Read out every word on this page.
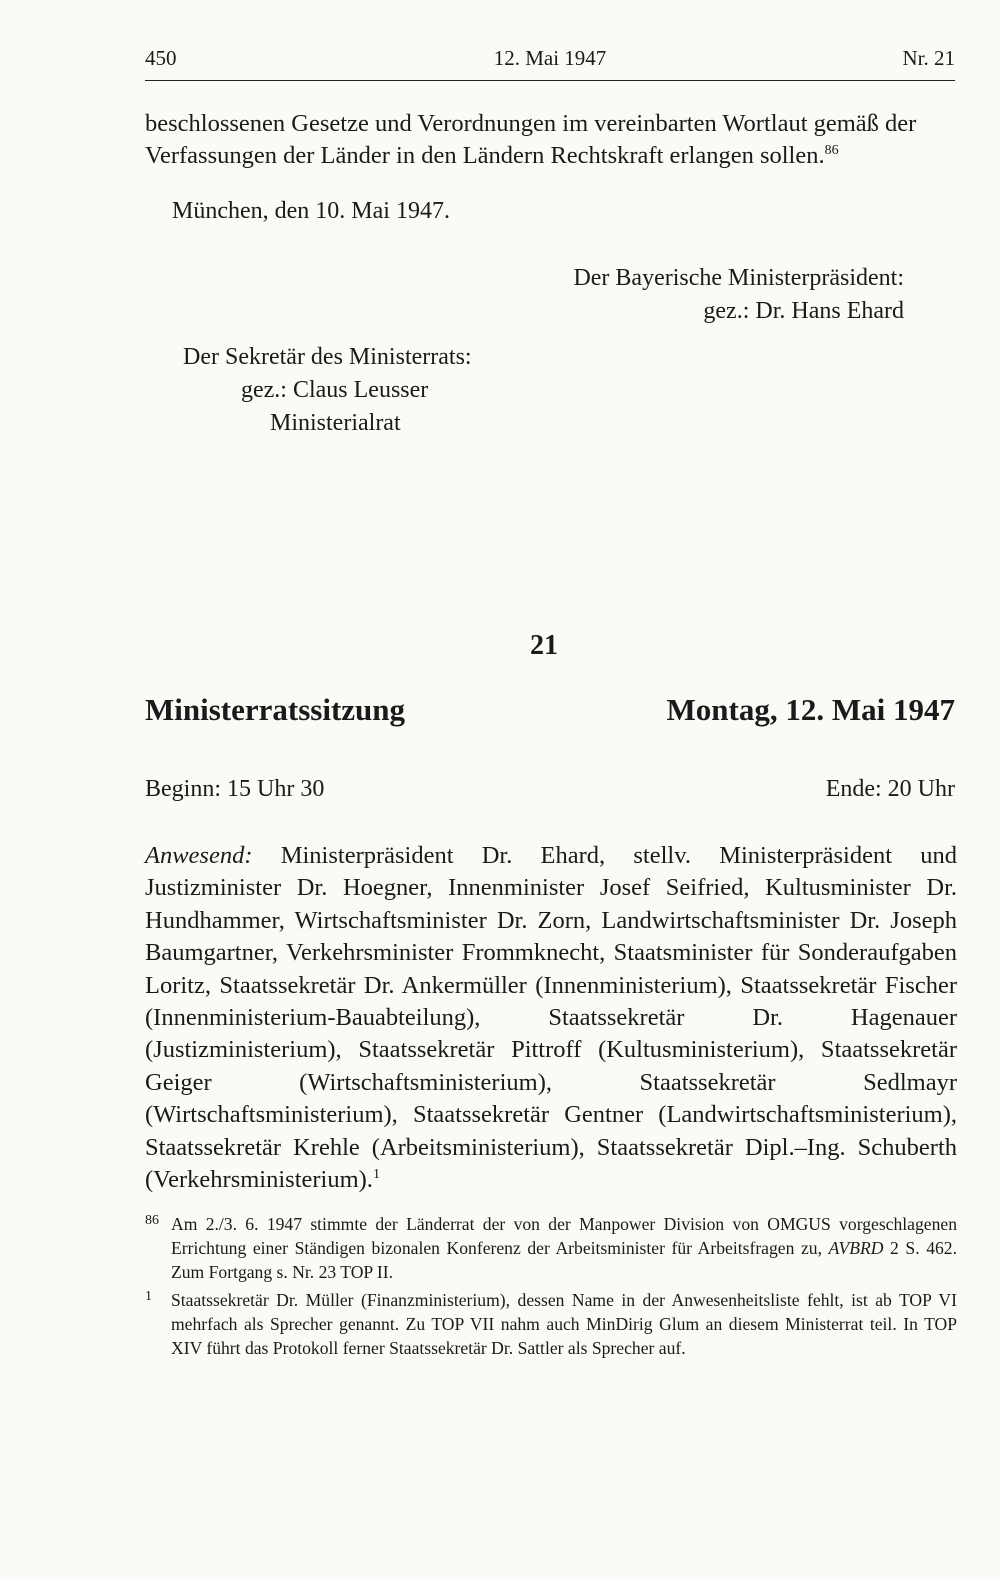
450	12. Mai 1947	Nr. 21
beschlossenen Gesetze und Verordnungen im vereinbarten Wortlaut gemäß der Verfassungen der Länder in den Ländern Rechtskraft erlangen sollen.$^{86}$
München, den 10. Mai 1947.
Der Bayerische Ministerpräsident:
gez.: Dr. Hans Ehard
Der Sekretär des Ministerrats:
gez.: Claus Leusser
Ministerialrat
21
Ministerratssitzung	Montag, 12. Mai 1947
Beginn: 15 Uhr 30	Ende: 20 Uhr
Anwesend: Ministerpräsident Dr. Ehard, stellv. Ministerpräsident und Justizminister Dr. Hoegner, Innenminister Josef Seifried, Kultusminister Dr. Hundhammer, Wirtschaftsminister Dr. Zorn, Landwirtschaftsminister Dr. Joseph Baumgartner, Verkehrsminister Frommknecht, Staatsminister für Sonderaufgaben Loritz, Staatssekretär Dr. Ankermüller (Innenministerium), Staatssekretär Fischer (Innenministerium-Bauabteilung), Staatssekretär Dr. Hagenauer (Justizministerium), Staatssekretär Pittroff (Kultusministerium), Staatssekretär Geiger (Wirtschaftsministerium), Staatssekretär Sedlmayr (Wirtschaftsministerium), Staatssekretär Gentner (Landwirtschaftsministerium), Staatssekretär Krehle (Arbeitsministerium), Staatssekretär Dipl.–Ing. Schuberth (Verkehrsministerium).$^1$
86 Am 2./3. 6. 1947 stimmte der Länderrat der von der Manpower Division von OMGUS vorgeschlagenen Errichtung einer Ständigen bizonalen Konferenz der Arbeitsminister für Arbeitsfragen zu, AVBRD 2 S. 462. Zum Fortgang s. Nr. 23 TOP II.
1 Staatssekretär Dr. Müller (Finanzministerium), dessen Name in der Anwesenheitsliste fehlt, ist ab TOP VI mehrfach als Sprecher genannt. Zu TOP VII nahm auch MinDirig Glum an diesem Ministerrat teil. In TOP XIV führt das Protokoll ferner Staatssekretär Dr. Sattler als Sprecher auf.
